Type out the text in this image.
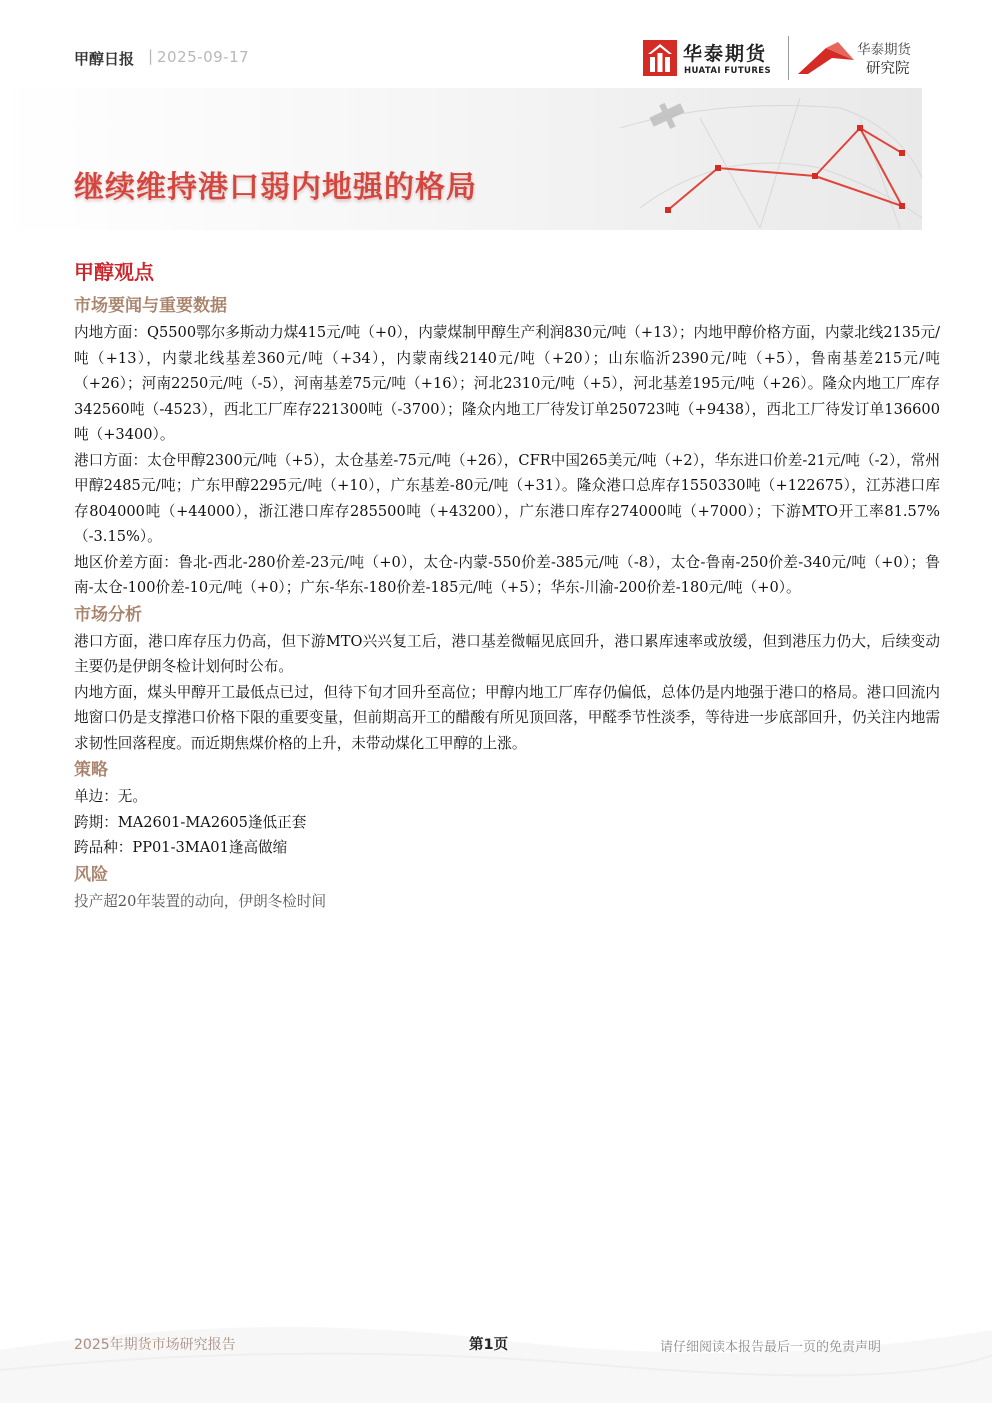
甲醇日报 | 2025-09-17	华泰期货
HUATAI FUTURES
华泰期货
研究院
继续维持港口弱内地强的格局
甲醇观点
市场要闻与重要数据

内地方面：Q5500鄂尔多斯动力煤415元/吨（+0），内蒙煤制甲醇生产利润830元/吨（+13）；内地甲醇价格方面，内蒙北线2135元/吨（+13），内蒙北线基差360元/吨（+34），内蒙南线2140元/吨（+20）；山东临沂2390元/吨（+5），鲁南基差215元/吨（+26）；河南2250元/吨（-5），河南基差75元/吨（+16）；河北2310元/吨（+5），河北基差195元/吨（+26）。隆众内地工厂库存342560吨（-4523），西北工厂库存221300吨（-3700）；隆众内地工厂待发订单250723吨（+9438），西北工厂待发订单136600吨（+3400）。

港口方面：太仓甲醇2300元/吨（+5），太仓基差-75元/吨（+26），CFR中国265美元/吨（+2），华东进口价差-21元/吨（-2），常州甲醇2485元/吨；广东甲醇2295元/吨（+10），广东基差-80元/吨（+31）。隆众港口总库存1550330吨（+122675），江苏港口库存804000吨（+44000），浙江港口库存285500吨（+43200），广东港口库存274000吨（+7000）；下游MTO开工率81.57%（-3.15%）。

地区价差方面：鲁北-西北-280价差-23元/吨（+0），太仓-内蒙-550价差-385元/吨（-8），太仓-鲁南-250价差-340元/吨（+0）；鲁南-太仓-100价差-10元/吨（+0）；广东-华东-180价差-185元/吨（+5）；华东-川渝-200价差-180元/吨（+0）。

市场分析

港口方面，港口库存压力仍高，但下游MTO兴兴复工后，港口基差微幅见底回升，港口累库速率或放缓，但到港压力仍大，后续变动主要仍是伊朗冬检计划何时公布。

内地方面，煤头甲醇开工最低点已过，但待下旬才回升至高位；甲醇内地工厂库存仍偏低，总体仍是内地强于港口的格局。港口回流内地窗口仍是支撑港口价格下限的重要变量，但前期高开工的醋酸有所见顶回落，甲醛季节性淡季，等待进一步底部回升，仍关注内地需求韧性回落程度。而近期焦煤价格的上升，未带动煤化工甲醇的上涨。

策略

单边：无。

跨期：MA2601-MA2605逢低正套

跨品种：PP01-3MA01逢高做缩

风险

投产超20年装置的动向，伊朗冬检时间

2025年期货市场研究报告	第1页	请仔细阅读本报告最后一页的免责声明
